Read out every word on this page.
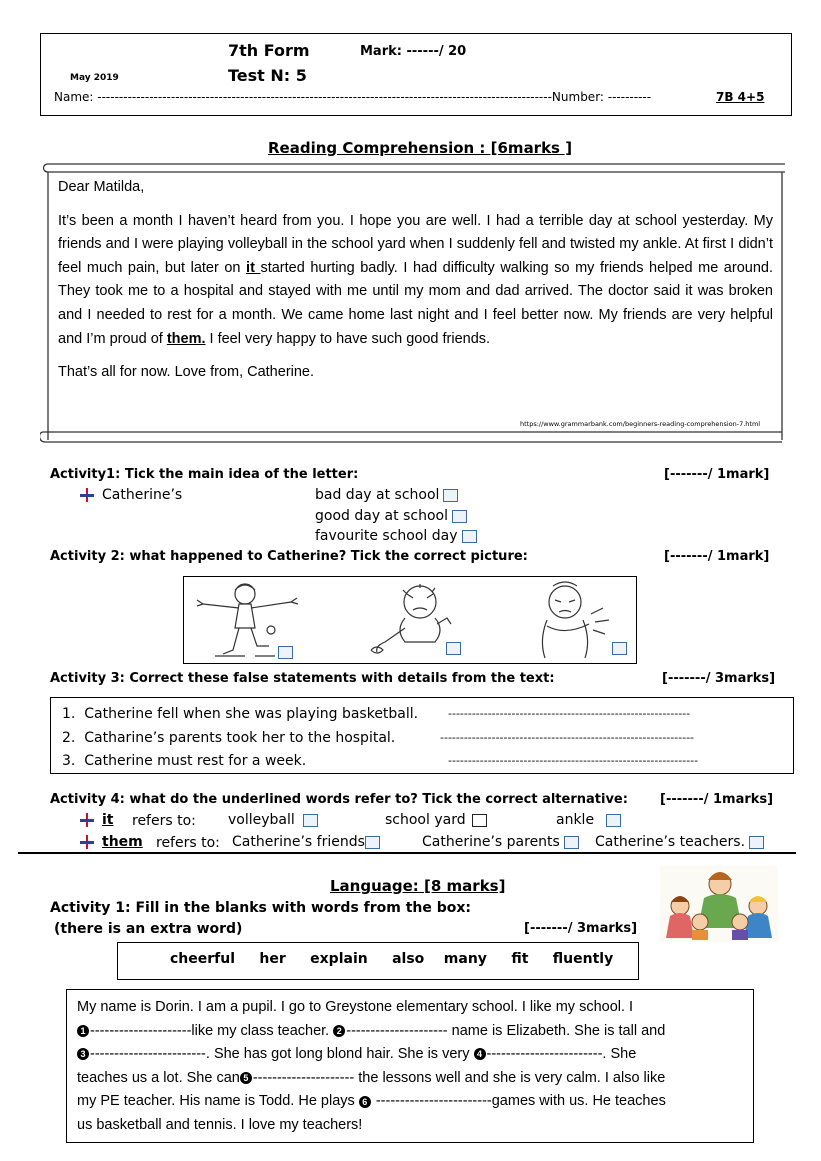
7th Form	Mark: ------/ 20
May 2019	Test N: 5
Name: ---------------------------------------------------------------------------------------------------------Number: ----------	7B 4+5
Reading Comprehension : [6marks ]

Dear Matilda,

It’s been a month I haven’t heard from you. I hope you are well. I had a terrible day at school yesterday. My friends and I were playing volleyball in the school yard when I suddenly fell and twisted my ankle. At first I didn’t feel much pain, but later on it started hurting badly. I had difficulty walking so my friends helped me around. They took me to a hospital and stayed with me until my mom and dad arrived. The doctor said it was broken and I needed to rest for a month. We came home last night and I feel better now. My friends are very helpful and I’m proud of them. I feel very happy to have such good friends.

That’s all for now. Love from, Catherine.

https://www.grammarbank.com/beginners-reading-comprehension-7.html
Activity1: Tick the main idea of the letter:	[-------/ 1mark]
Catherine’s	bad day at school
good day at school
favourite school day
Activity 2: what happened to Catherine? Tick the correct picture:	[-------/ 1mark]
Activity 3: Correct these false statements with details from the text:	[-------/ 3marks]
1. Catherine fell when she was playing basketball.	-------------------------------------------------------------
2. Catharine’s parents took her to the hospital.	----------------------------------------------------------------
3. Catherine must rest for a week.	---------------------------------------------------------------
Activity 4: what do the underlined words refer to? Tick the correct alternative: [-------/ 1marks]
it refers to: volleyball	school yard	ankle
them refers to: Catherine’s friends	Catherine’s parents	Catherine’s teachers.
Language: [8 marks]
Activity 1: Fill in the blanks with words from the box:
(there is an extra word)	[-------/ 3marks]
cheerful her explain also many fit fluently
My name is Dorin. I am a pupil. I go to Greystone elementary school. I like my school. I
1 ---------------------like my class teacher. 2 --------------------- name is Elizabeth. She is tall and
3 ------------------------. She has got long blond hair. She is very 4 ------------------------. She
teaches us a lot. She can 5 --------------------- the lessons well and she is very calm. I also like
my PE teacher. His name is Todd. He plays 6 ------------------------games with us. He teaches
us basketball and tennis. I love my teachers!
